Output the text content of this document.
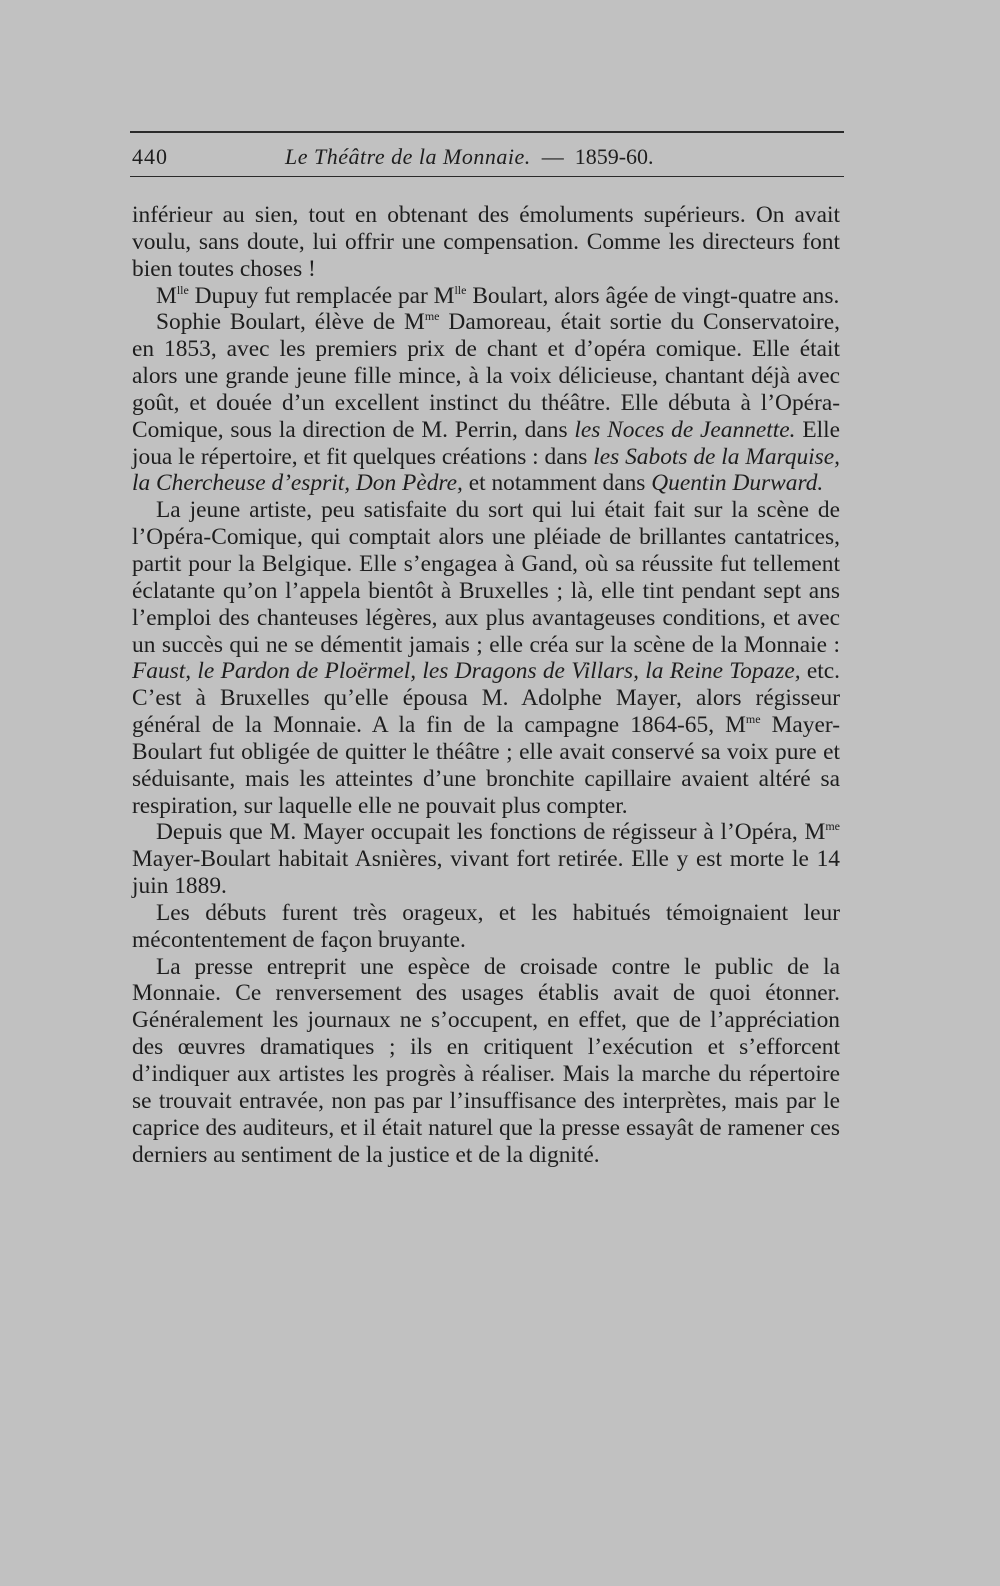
440	Le Théâtre de la Monnaie. — 1859-60.

inférieur au sien, tout en obtenant des émoluments supérieurs. On avait voulu, sans doute, lui offrir une compensation. Comme les directeurs font bien toutes choses !

$M^{lle}$ Dupuy fut remplacée par $M^{lle}$ Boulart, alors âgée de vingt-quatre ans.

Sophie Boulart, élève de $M^{me}$ Damoreau, était sortie du Conservatoire, en 1853, avec les premiers prix de chant et d’opéra comique. Elle était alors une grande jeune fille mince, à la voix délicieuse, chantant déjà avec goût, et douée d’un excellent instinct du théâtre. Elle débuta à l’Opéra-Comique, sous la direction de M. Perrin, dans les Noces de Jeannette. Elle joua le répertoire, et fit quelques créations : dans les Sabots de la Marquise, la Chercheuse d’esprit, Don Pèdre, et notamment dans Quentin Durward.

La jeune artiste, peu satisfaite du sort qui lui était fait sur la scène de l’Opéra-Comique, qui comptait alors une pléiade de brillantes cantatrices, partit pour la Belgique. Elle s’engagea à Gand, où sa réussite fut tellement éclatante qu’on l’appela bientôt à Bruxelles ; là, elle tint pendant sept ans l’emploi des chanteuses légères, aux plus avantageuses conditions, et avec un succès qui ne se démentit jamais ; elle créa sur la scène de la Monnaie : Faust, le Pardon de Ploërmel, les Dragons de Villars, la Reine Topaze, etc. C’est à Bruxelles qu’elle épousa M. Adolphe Mayer, alors régisseur général de la Monnaie. A la fin de la campagne 1864-65, $M^{me}$ Mayer-Boulart fut obligée de quitter le théâtre ; elle avait conservé sa voix pure et séduisante, mais les atteintes d’une bronchite capillaire avaient altéré sa respiration, sur laquelle elle ne pouvait plus compter.

Depuis que M. Mayer occupait les fonctions de régisseur à l’Opéra, $M^{me}$ Mayer-Boulart habitait Asnières, vivant fort retirée. Elle y est morte le 14 juin 1889.

Les débuts furent très orageux, et les habitués témoignaient leur mécontentement de façon bruyante.

La presse entreprit une espèce de croisade contre le public de la Monnaie. Ce renversement des usages établis avait de quoi étonner. Généralement les journaux ne s’occupent, en effet, que de l’appréciation des œuvres dramatiques ; ils en critiquent l’exécution et s’efforcent d’indiquer aux artistes les progrès à réaliser. Mais la marche du répertoire se trouvait entravée, non pas par l’insuffisance des interprètes, mais par le caprice des auditeurs, et il était naturel que la presse essayât de ramener ces derniers au sentiment de la justice et de la dignité.
